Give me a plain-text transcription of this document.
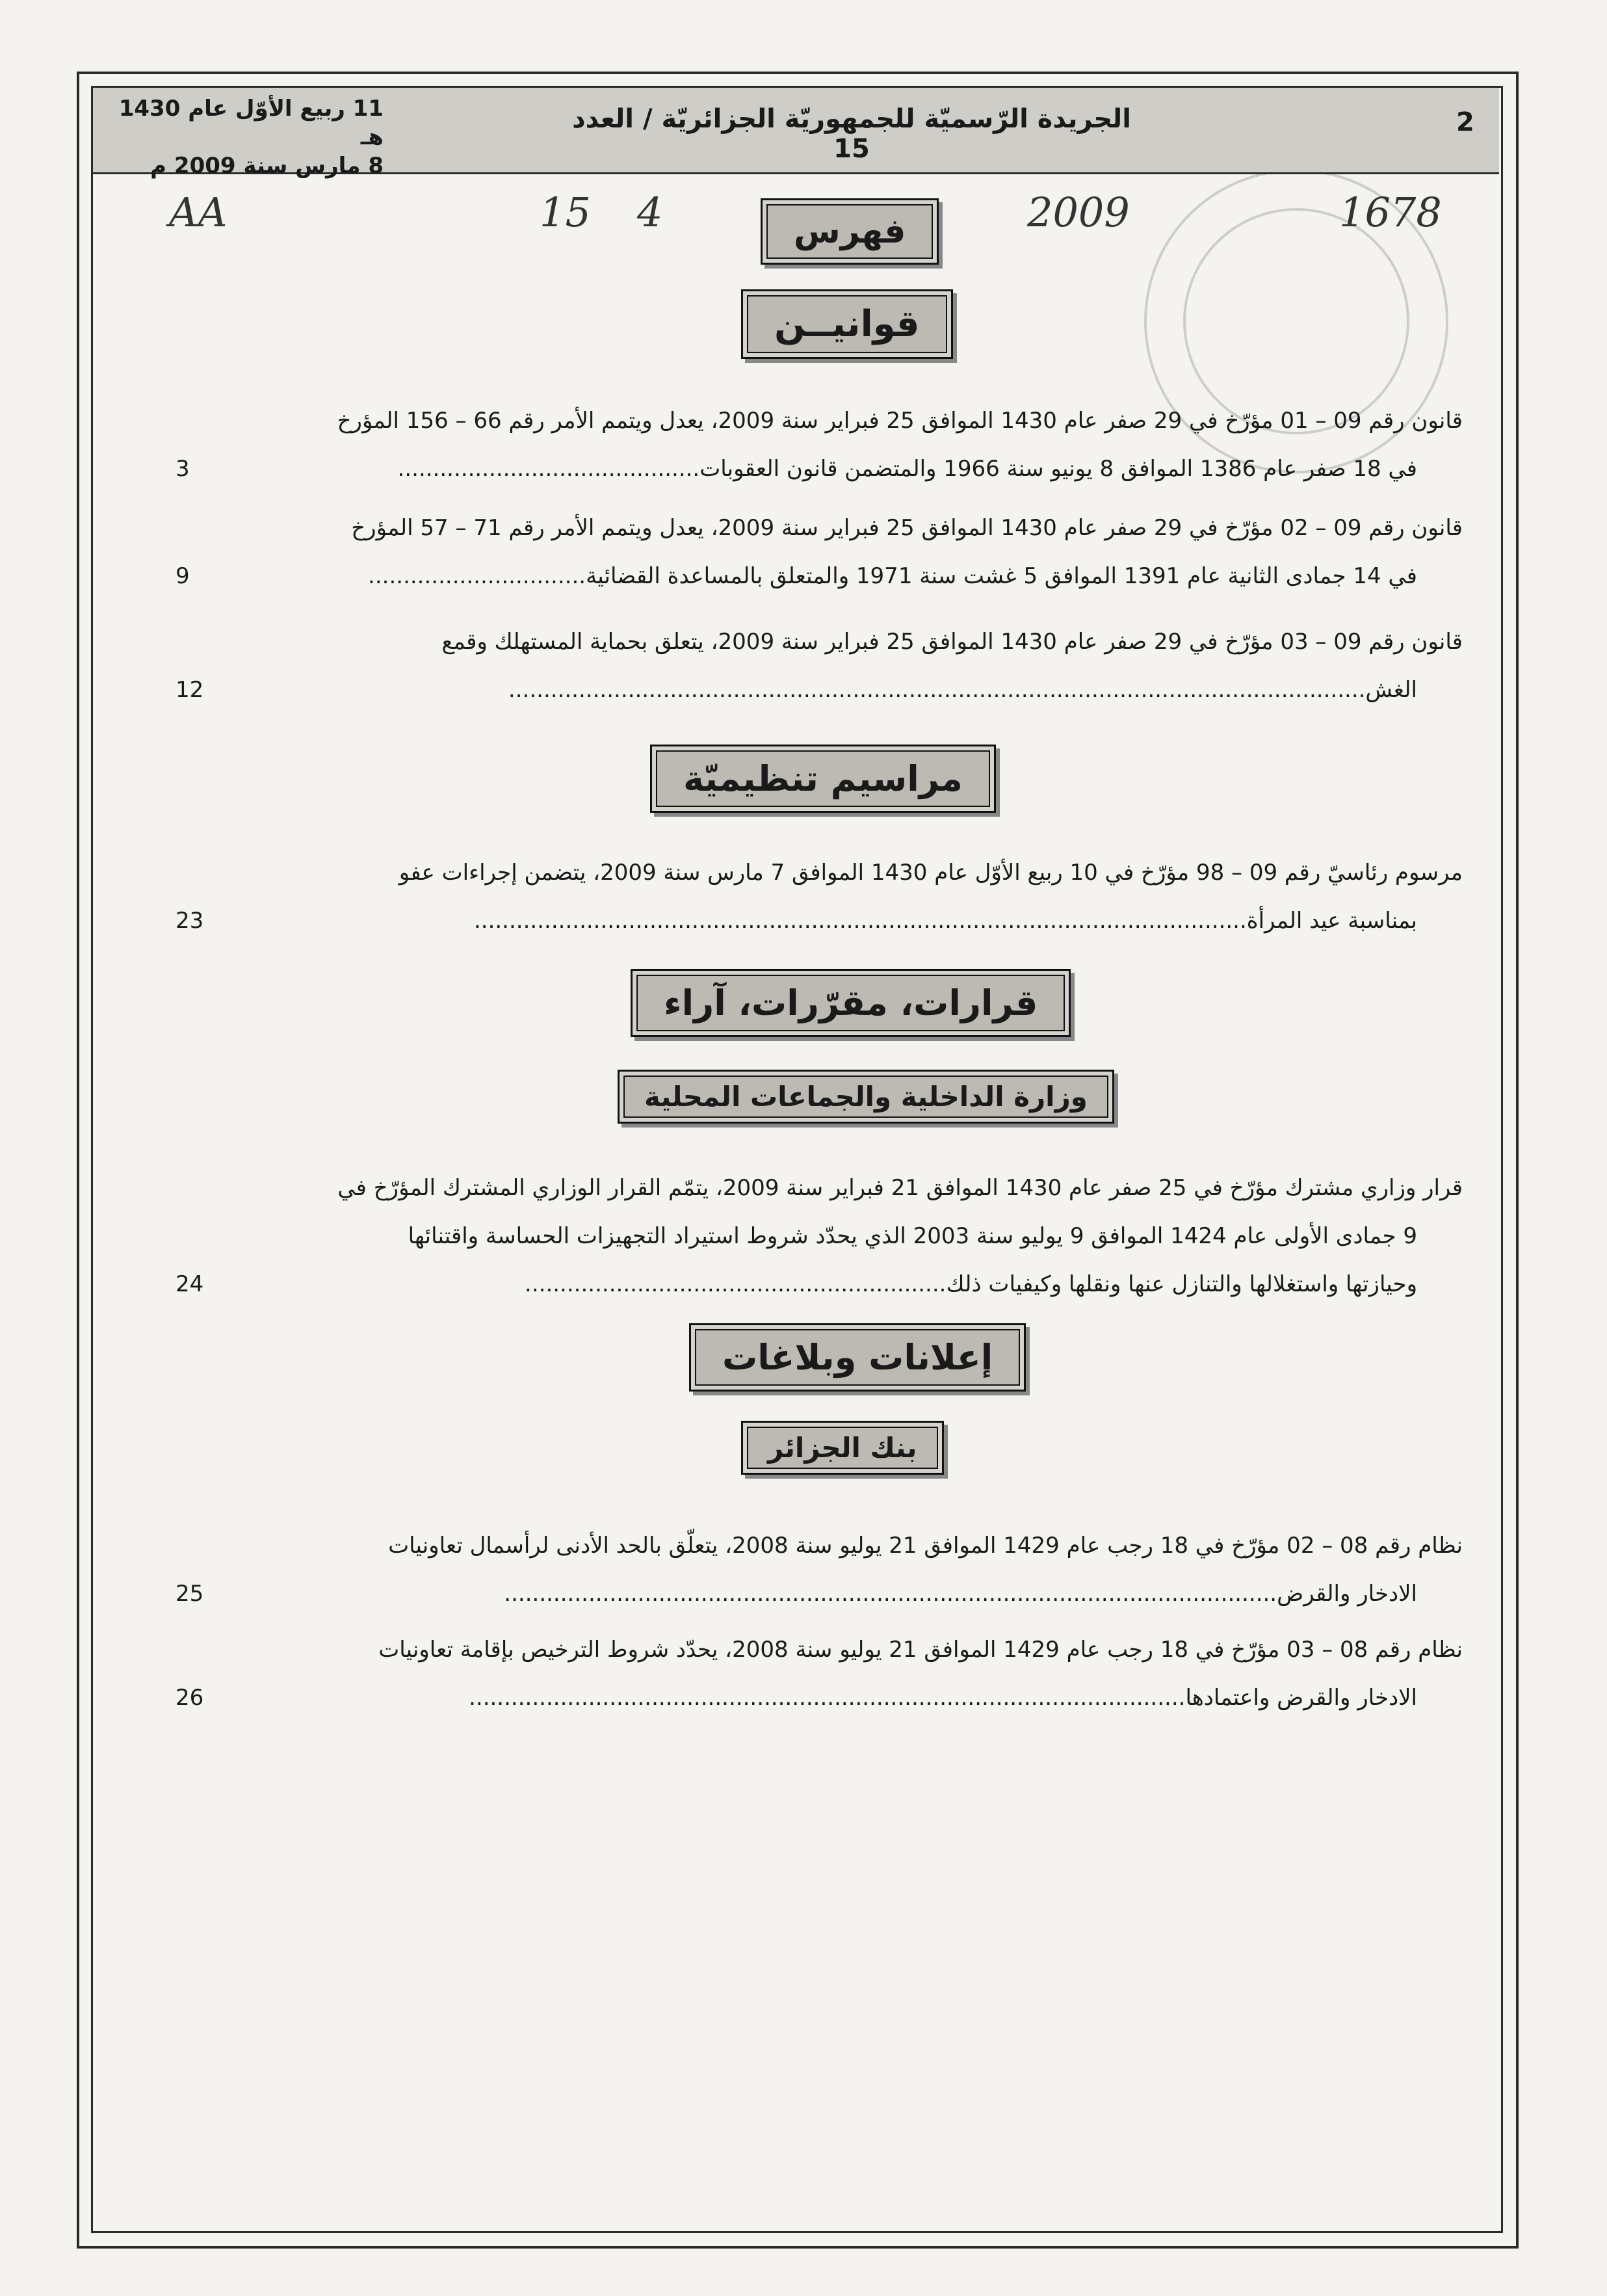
2
الجريدة الرّسميّة للجمهوريّة الجزائريّة / العدد 15
11 ربيع الأوّل عام 1430 هـ
8 مارس سنة 2009 م
AA	15 4	2009	1678
فهرس
قوانيــن
قانون رقم 09 – 01 مؤرّخ في 29 صفر عام 1430 الموافق 25 فبراير سنة 2009، يعدل ويتمم الأمر رقم 66 – 156 المؤرخ
في 18 صفر عام 1386 الموافق 8 يونيو سنة 1966 والمتضمن قانون العقوبات...........................................
3
قانون رقم 09 – 02 مؤرّخ في 29 صفر عام 1430 الموافق 25 فبراير سنة 2009، يعدل ويتمم الأمر رقم 71 – 57 المؤرخ
في 14 جمادى الثانية عام 1391 الموافق 5 غشت سنة 1971 والمتعلق بالمساعدة القضائية...............................
9
قانون رقم 09 – 03 مؤرّخ في 29 صفر عام 1430 الموافق 25 فبراير سنة 2009، يتعلق بحماية المستهلك وقمع
الغش..........................................................................................................................
12
مراسيم تنظيميّة
مرسوم رئاسيّ رقم 09 – 98 مؤرّخ في 10 ربيع الأوّل عام 1430 الموافق 7 مارس سنة 2009، يتضمن إجراءات عفو
بمناسبة عيد المرأة..............................................................................................................
23
قرارات، مقرّرات، آراء
وزارة الداخلية والجماعات المحلية
قرار وزاري مشترك مؤرّخ في 25 صفر عام 1430 الموافق 21 فبراير سنة 2009، يتمّم القرار الوزاري المشترك المؤرّخ في
9 جمادى الأولى عام 1424 الموافق 9 يوليو سنة 2003 الذي يحدّد شروط استيراد التجهيزات الحساسة واقتنائها
وحيازتها واستغلالها والتنازل عنها ونقلها وكيفيات ذلك............................................................
24
إعلانات وبلاغات
بنك الجزائر
نظام رقم 08 – 02 مؤرّخ في 18 رجب عام 1429 الموافق 21 يوليو سنة 2008، يتعلّق بالحد الأدنى لرأسمال تعاونيات
الادخار والقرض..............................................................................................................
25
نظام رقم 08 – 03 مؤرّخ في 18 رجب عام 1429 الموافق 21 يوليو سنة 2008، يحدّد شروط الترخيص بإقامة تعاونيات
الادخار والقرض واعتمادها......................................................................................................
26
